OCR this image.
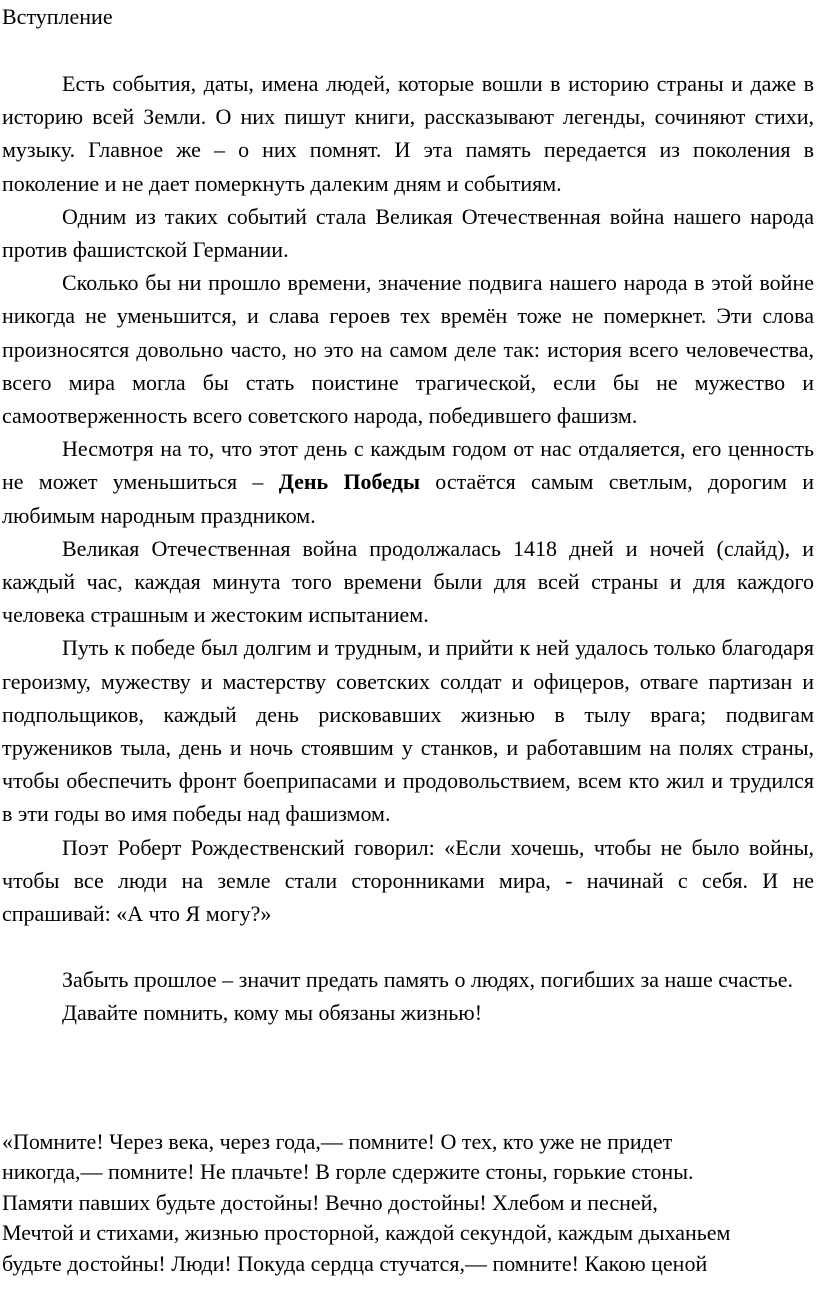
Вступление

Есть события, даты, имена людей, которые вошли в историю страны и даже в историю всей Земли. О них пишут книги, рассказывают легенды, сочиняют стихи, музыку. Главное же – о них помнят. И эта память передается из поколения в поколение и не дает померкнуть далеким дням и событиям.

Одним из таких событий стала Великая Отечественная война нашего народа против фашистской Германии.

Сколько бы ни прошло времени, значение подвига нашего народа в этой войне никогда не уменьшится, и слава героев тех времён тоже не померкнет. Эти слова произносятся довольно часто, но это на самом деле так: история всего человечества, всего мира могла бы стать поистине трагической, если бы не мужество и самоотверженность всего советского народа, победившего фашизм.

Несмотря на то, что этот день с каждым годом от нас отдаляется, его ценность не может уменьшиться – День Победы остаётся самым светлым, дорогим и любимым народным праздником.

Великая Отечественная война продолжалась 1418 дней и ночей (слайд), и каждый час, каждая минута того времени были для всей страны и для каждого человека страшным и жестоким испытанием.

Путь к победе был долгим и трудным, и прийти к ней удалось только благодаря героизму, мужеству и мастерству советских солдат и офицеров, отваге партизан и подпольщиков, каждый день рисковавших жизнью в тылу врага; подвигам тружеников тыла, день и ночь стоявшим у станков, и работавшим на полях страны, чтобы обеспечить фронт боеприпасами и продовольствием, всем кто жил и трудился в эти годы во имя победы над фашизмом.

Поэт Роберт Рождественский говорил: «Если хочешь, чтобы не было войны, чтобы все люди на земле стали сторонниками мира, - начинай с себя. И не спрашивай: «А что Я могу?»

Забыть прошлое – значит предать память о людях, погибших за наше счастье.

Давайте помнить, кому мы обязаны жизнью!

«Помните! Через века, через года,— помните! О тех, кто уже не придет

никогда,— помните! Не плачьте! В горле сдержите стоны, горькие стоны.

Памяти павших будьте достойны! Вечно достойны! Хлебом и песней,

Мечтой и стихами, жизнью просторной, каждой секундой, каждым дыханьем

будьте достойны! Люди! Покуда сердца стучатся,— помните! Какою ценой
